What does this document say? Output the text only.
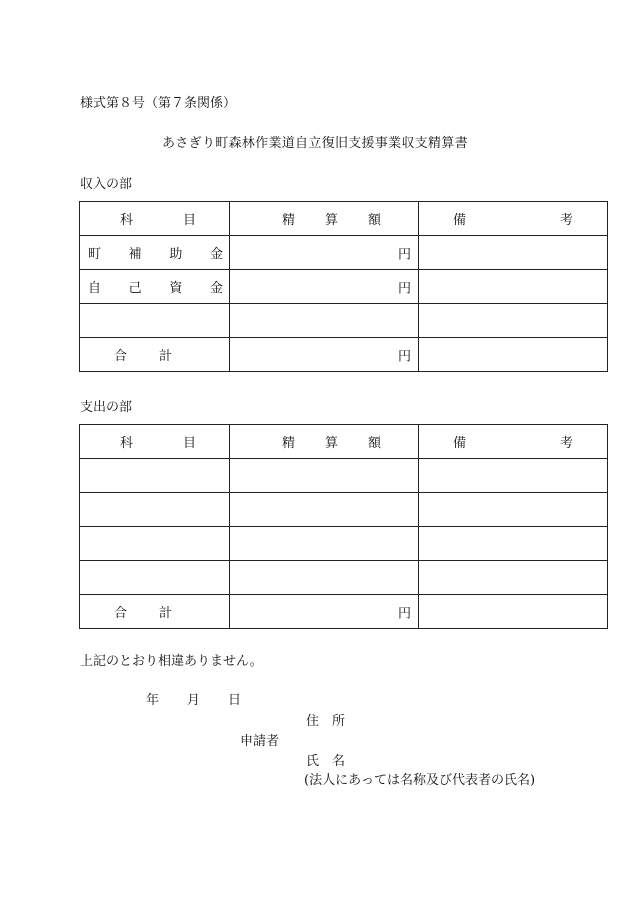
様式第８号（第７条関係）
あさぎり町森林作業道自立復旧支援事業収支精算書
収入の部
科 目	精 算 額	備 考

町 補 助 金	円	

自 己 資 金	円	

合 計	円	

支出の部
科 目	精 算 額	備 考

合 計	円	

上記のとおり相違ありません。
年 月 日
住　所
申請者
氏　名
(法人にあっては名称及び代表者の氏名)
